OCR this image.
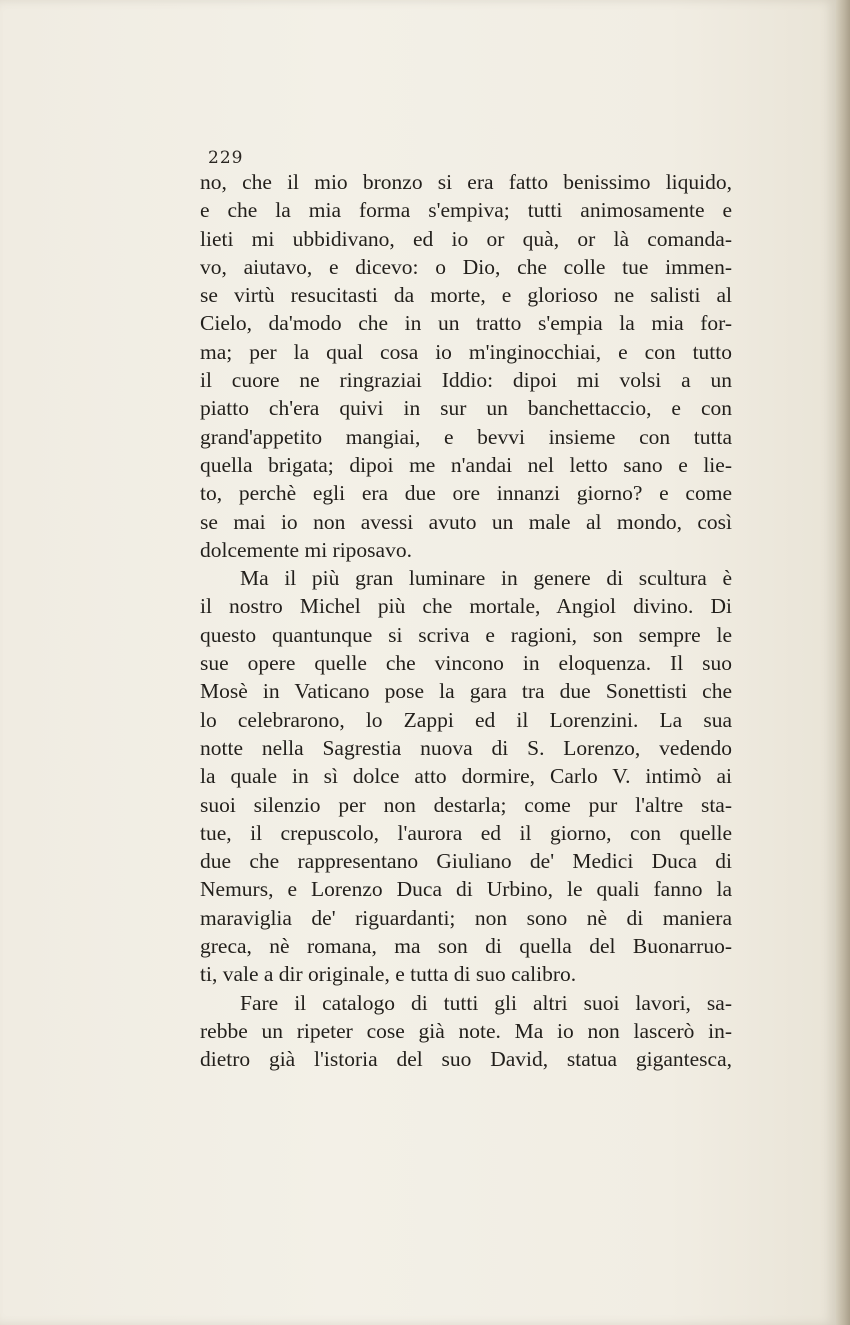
229
no, che il mio bronzo si era fatto benissimo liquido,
e che la mia forma s'empiva; tutti animosamente e
lieti mi ubbidivano, ed io or quà, or là comanda-
vo, aiutavo, e dicevo: o Dio, che colle tue immen-
se virtù resucitasti da morte, e glorioso ne salisti al
Cielo, da'modo che in un tratto s'empia la mia for-
ma; per la qual cosa io m'inginocchiai, e con tutto
il cuore ne ringraziai Iddio: dipoi mi volsi a un
piatto ch'era quivi in sur un banchettaccio, e con
grand'appetito mangiai, e bevvi insieme con tutta
quella brigata; dipoi me n'andai nel letto sano e lie-
to, perchè egli era due ore innanzi giorno? e come
se mai io non avessi avuto un male al mondo, così
dolcemente mi riposavo.
Ma il più gran luminare in genere di scultura è
il nostro Michel più che mortale, Angiol divino. Di
questo quantunque si scriva e ragioni, son sempre le
sue opere quelle che vincono in eloquenza. Il suo
Mosè in Vaticano pose la gara tra due Sonettisti che
lo celebrarono, lo Zappi ed il Lorenzini. La sua
notte nella Sagrestia nuova di S. Lorenzo, vedendo
la quale in sì dolce atto dormire, Carlo V. intimò ai
suoi silenzio per non destarla; come pur l'altre sta-
tue, il crepuscolo, l'aurora ed il giorno, con quelle
due che rappresentano Giuliano de' Medici Duca di
Nemurs, e Lorenzo Duca di Urbino, le quali fanno la
maraviglia de' riguardanti; non sono nè di maniera
greca, nè romana, ma son di quella del Buonarruo-
ti, vale a dir originale, e tutta di suo calibro.
Fare il catalogo di tutti gli altri suoi lavori, sa-
rebbe un ripeter cose già note. Ma io non lascerò in-
dietro già l'istoria del suo David, statua gigantesca,
